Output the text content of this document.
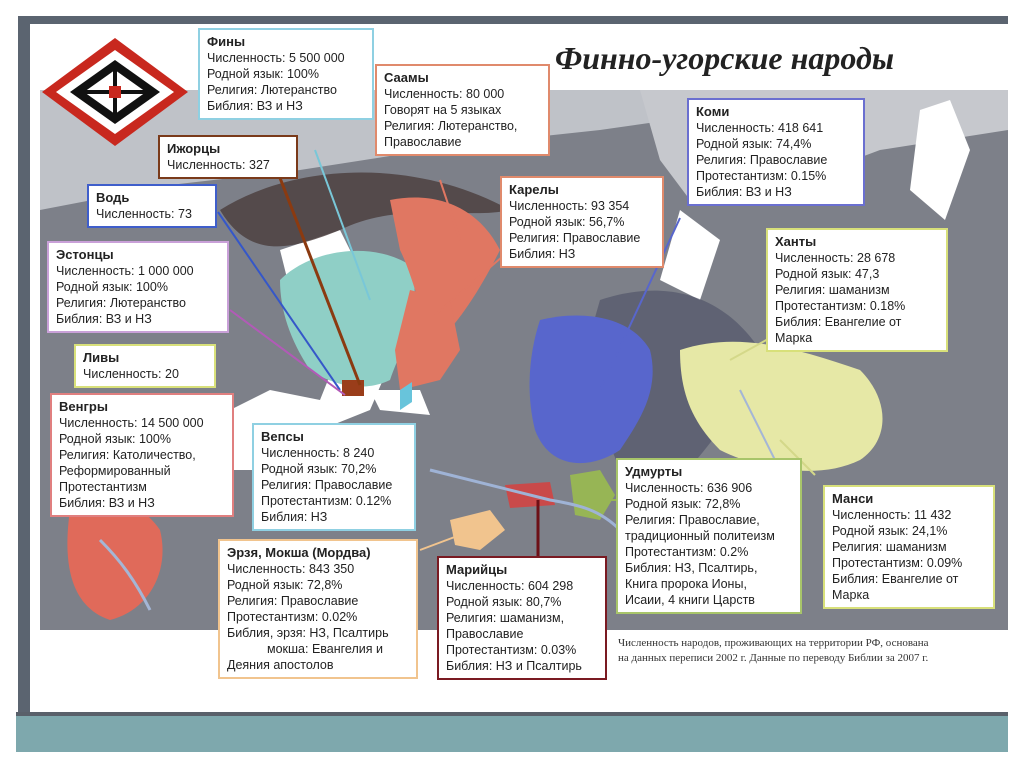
Финно-угорские народы
Фины
Численность: 5 500 000
Родной язык: 100%
Религия: Лютеранство
Библия: ВЗ и НЗ
Саамы
Численность: 80 000
Говорят на 5 языках
Религия: Лютеранство,
Православие
Ижорцы
Численность: 327
Водь
Численность: 73
Эстонцы
Численность: 1 000 000
Родной язык: 100%
Религия: Лютеранство
Библия: ВЗ и НЗ
Ливы
Численность: 20
Венгры
Численность: 14 500 000
Родной язык: 100%
Религия: Католичество,
Реформированный
Протестантизм
Библия: ВЗ и НЗ
Вепсы
Численность: 8 240
Родной язык: 70,2%
Религия: Православие
Протестантизм: 0.12%
Библия: НЗ
Эрзя, Мокша (Мордва)
Численность: 843 350
Родной язык: 72,8%
Религия: Православие
Протестантизм: 0.02%
Библия, эрзя: НЗ, Псалтирь
мокша: Евангелия и
Деяния апостолов
Карелы
Численность: 93 354
Родной язык: 56,7%
Религия: Православие
Библия: НЗ
Коми
Численность: 418 641
Родной язык: 74,4%
Религия: Православие
Протестантизм: 0.15%
Библия: ВЗ и НЗ
Ханты
Численность: 28 678
Родной язык: 47,3
Религия: шаманизм
Протестантизм: 0.18%
Библия: Евангелие от
Марка
Удмурты
Численность: 636 906
Родной язык: 72,8%
Религия: Православие,
традиционный политеизм
Протестантизм: 0.2%
Библия: НЗ, Псалтирь,
Книга пророка Ионы,
Исаии, 4 книги Царств
Манси
Численность: 11 432
Родной язык: 24,1%
Религия: шаманизм
Протестантизм: 0.09%
Библия: Евангелие от
Марка
Марийцы
Численность: 604 298
Родной язык: 80,7%
Религия: шаманизм,
Православие
Протестантизм: 0.03%
Библия: НЗ и Псалтирь
Численность народов, проживающих на территории РФ, основана
на данных переписи 2002 г. Данные по переводу Библии за 2007 г.
